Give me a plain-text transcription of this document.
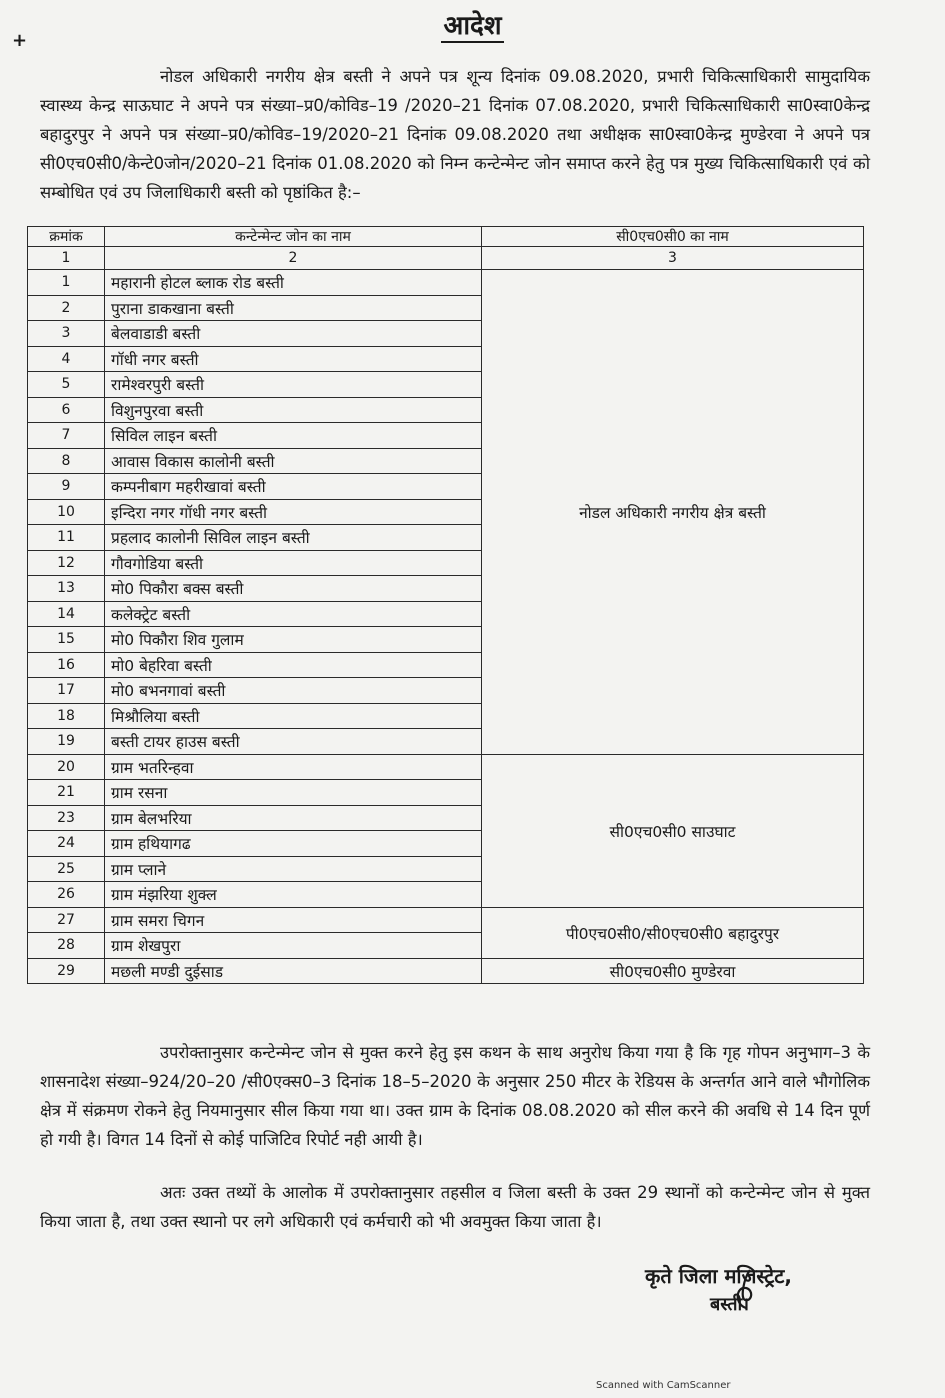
+	आदेश
नोडल अधिकारी नगरीय क्षेत्र बस्ती ने अपने पत्र शून्य दिनांक 09.08.2020, प्रभारी चिकित्साधिकारी सामुदायिक स्वास्थ्य केन्द्र साऊघाट ने अपने पत्र संख्या–प्र0/कोविड–19 /2020–21 दिनांक 07.08.2020, प्रभारी चिकित्साधिकारी सा0स्वा0केन्द्र बहादुरपुर ने अपने पत्र संख्या–प्र0/कोविड–19/2020–21 दिनांक 09.08.2020 तथा अधीक्षक सा0स्वा0केन्द्र मुण्डेरवा ने अपने पत्र सी0एच0सी0/केन्टे0जोन/2020–21 दिनांक 01.08.2020 को निम्न कन्टेन्मेन्ट जोन समाप्त करने हेतु पत्र मुख्य चिकित्साधिकारी एवं को सम्बोधित एवं उप जिलाधिकारी बस्ती को पृष्ठांकित है:–
क्रमांक	कन्टेन्मेन्ट जोन का नाम	सी0एच0सी0 का नाम
1	2	3
1	महारानी होटल ब्लाक रोड बस्ती	नोडल अधिकारी नगरीय क्षेत्र बस्ती
2	पुराना डाकखाना बस्ती	
3	बेलवाडाडी बस्ती	
4	गॉधी नगर बस्ती	
5	रामेश्वरपुरी बस्ती	
6	विशुनपुरवा बस्ती	
7	सिविल लाइन बस्ती	
8	आवास विकास कालोनी बस्ती	
9	कम्पनीबाग महरीखावां बस्ती	
10	इन्दिरा नगर गॉधी नगर बस्ती	
11	प्रहलाद कालोनी सिविल लाइन बस्ती	
12	गौवगोडिया बस्ती	
13	मो0 पिकौरा बक्स बस्ती	
14	कलेक्ट्रेट बस्ती	
15	मो0 पिकौरा शिव गुलाम	
16	मो0 बेहरिवा बस्ती	
17	मो0 बभनगावां बस्ती	
18	मिश्रौलिया बस्ती	
19	बस्ती टायर हाउस बस्ती	
20	ग्राम भतरिन्हवा	सी0एच0सी0 साउघाट
21	ग्राम रसना	
23	ग्राम बेलभरिया	
24	ग्राम हथियागढ	
25	ग्राम प्लाने	
26	ग्राम मंझरिया शुक्ल	
27	ग्राम समरा चिगन	पी0एच0सी0/सी0एच0सी0 बहादुरपुर
28	ग्राम शेखपुरा	
29	मछली मण्डी दुईसाड	सी0एच0सी0 मुण्डेरवा
उपरोक्तानुसार कन्टेन्मेन्ट जोन से मुक्त करने हेतु इस कथन के साथ अनुरोध किया गया है कि गृह गोपन अनुभाग–3 के शासनादेश संख्या–924/20–20 /सी0एक्स0–3 दिनांक 18–5–2020 के अनुसार 250 मीटर के रेडियस के अन्तर्गत आने वाले भौगोलिक क्षेत्र में संक्रमण रोकने हेतु नियमानुसार सील किया गया था। उक्त ग्राम के दिनांक 08.08.2020 को सील करने की अवधि से 14 दिन पूर्ण हो गयी है। विगत 14 दिनों से कोई पाजिटिव रिपोर्ट नही आयी है।
अतः उक्त तथ्यों के आलोक में उपरोक्तानुसार तहसील व जिला बस्ती के उक्त 29 स्थानों को कन्टेन्मेन्ट जोन से मुक्त किया जाता है, तथा उक्त स्थानो पर लगे अधिकारी एवं कर्मचारी को भी अवमुक्त किया जाता है।
कृते जिला मजिस्ट्रेट,
बस्ती।
Scanned with CamScanner
